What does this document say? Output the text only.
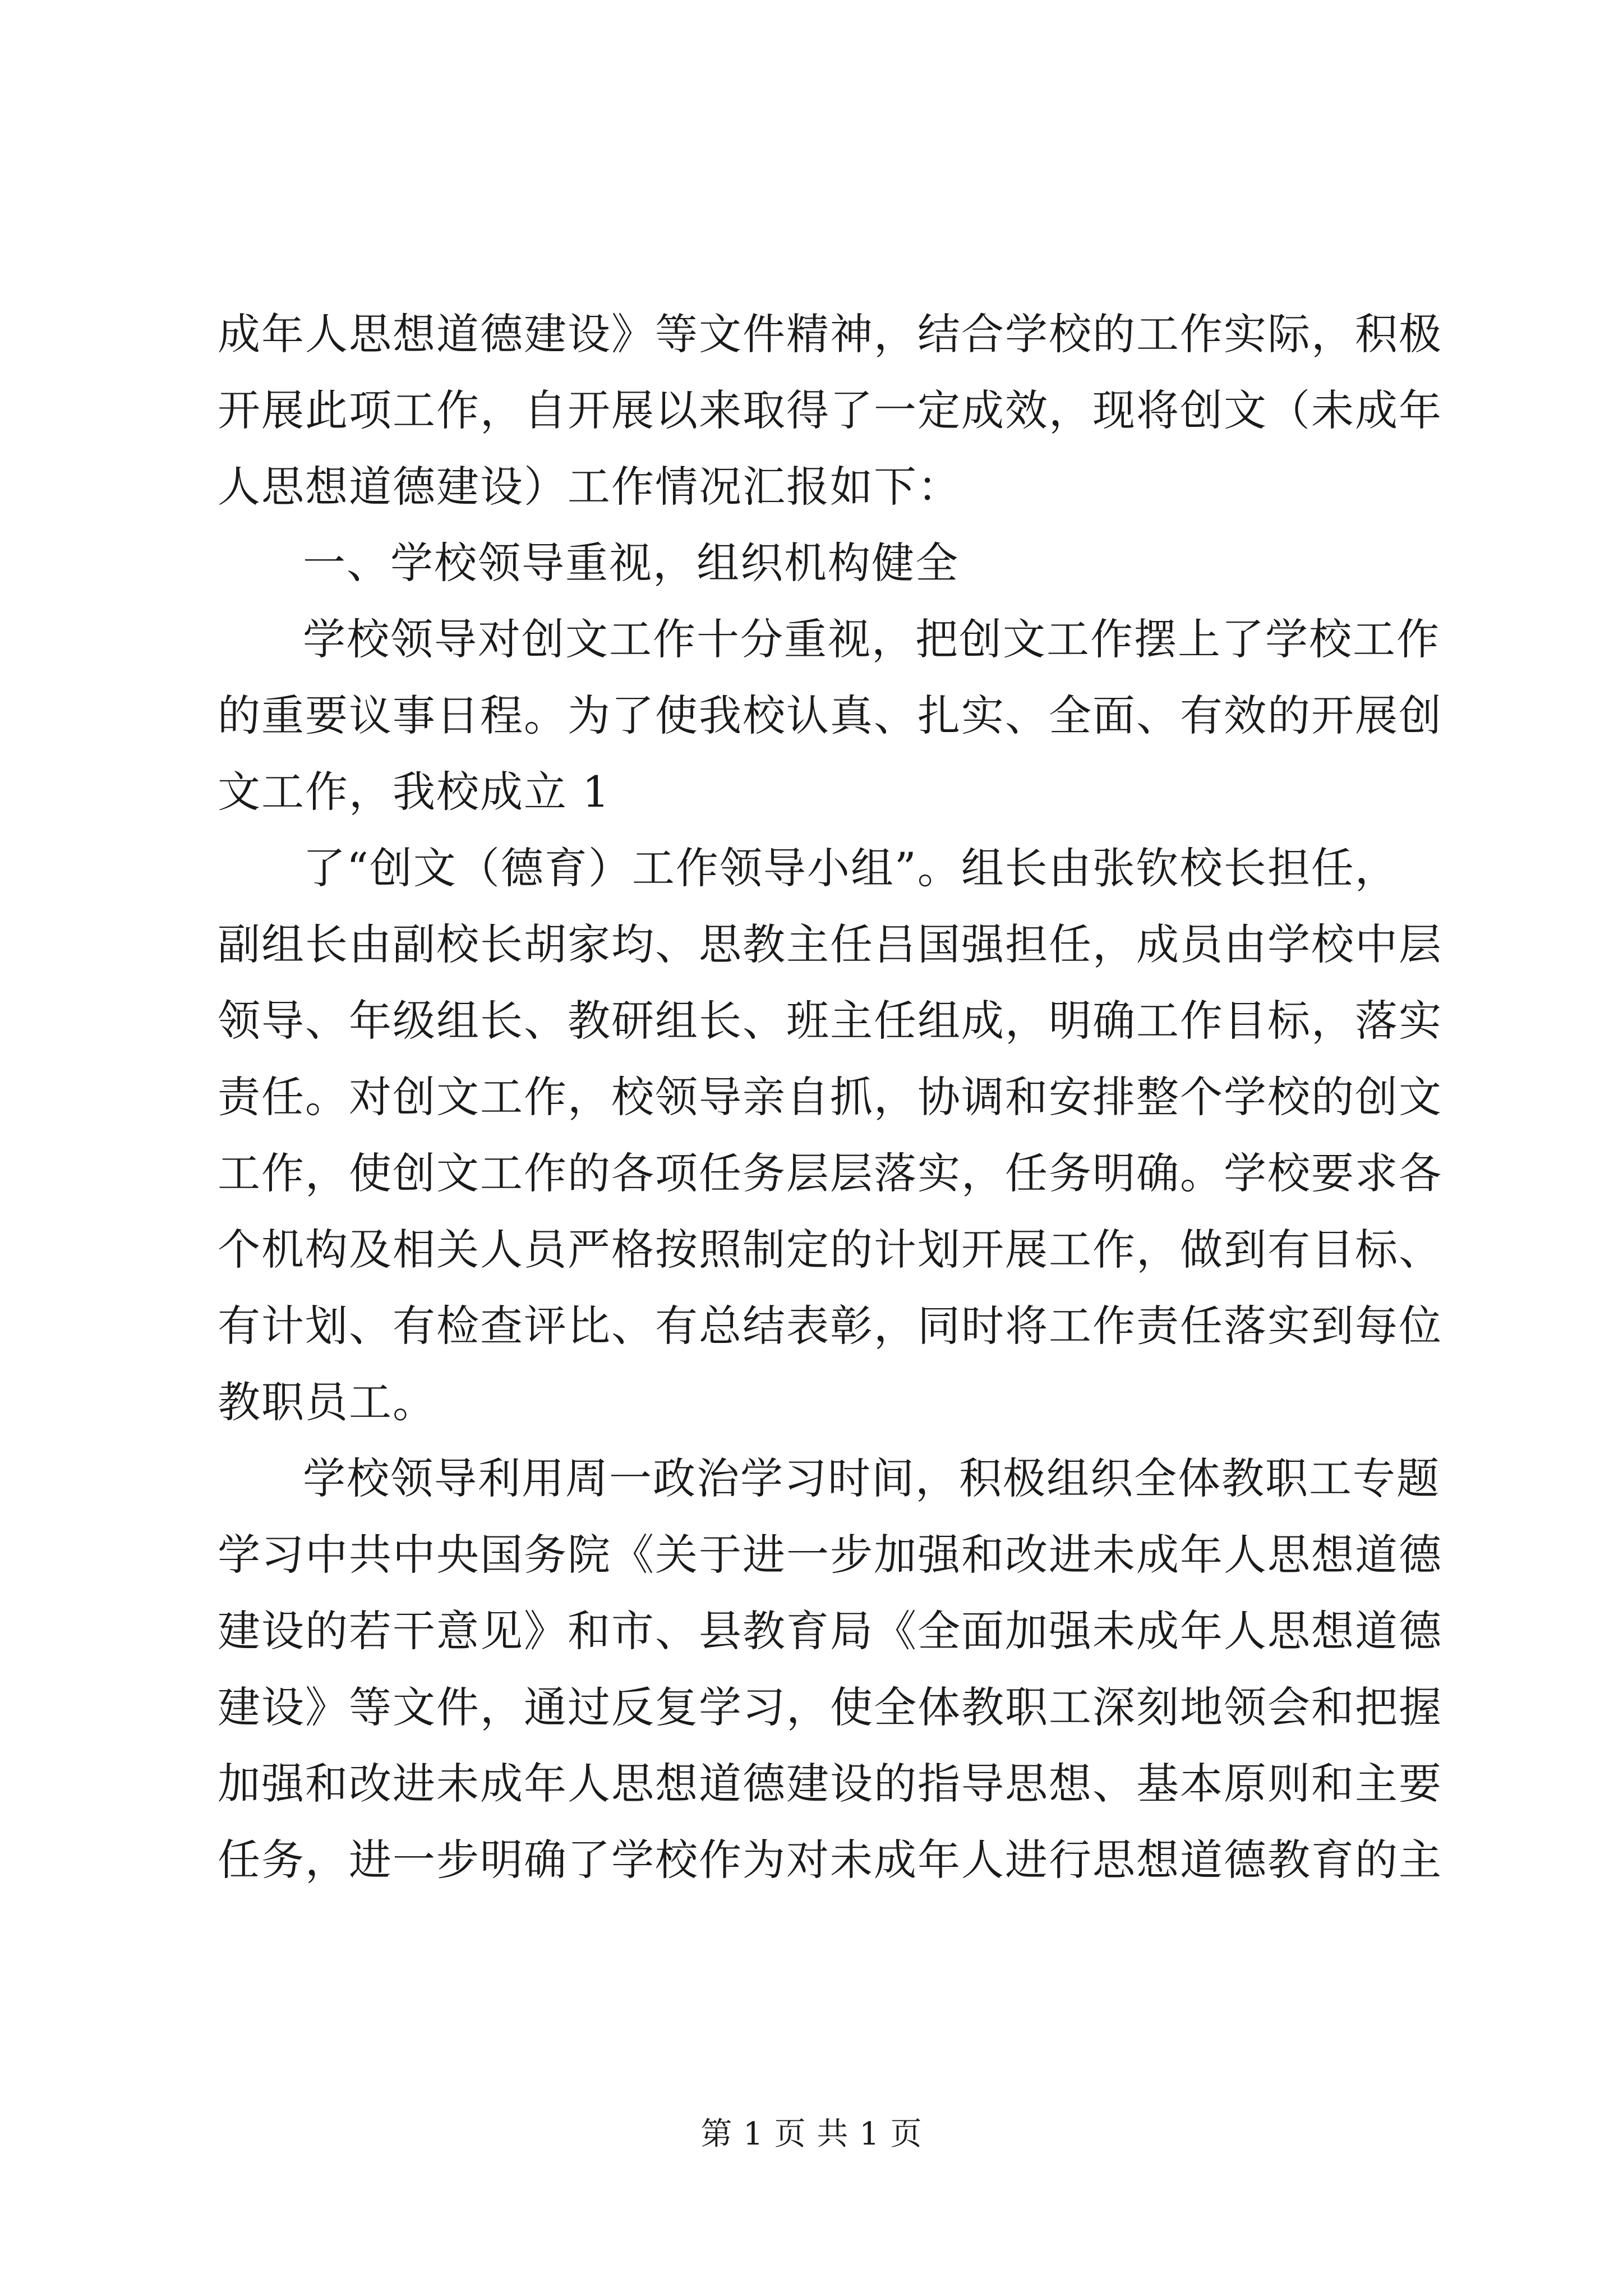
成年人思想道德建设》等文件精神，结合学校的工作实际，积极
开展此项工作，自开展以来取得了一定成效，现将创文（未成年
人思想道德建设）工作情况汇报如下：
一、学校领导重视，组织机构健全
学校领导对创文工作十分重视，把创文工作摆上了学校工作
的重要议事日程。为了使我校认真、扎实、全面、有效的开展创
文工作，我校成立 1
了“创文（德育）工作领导小组”。组长由张钦校长担任，
副组长由副校长胡家均、思教主任吕国强担任，成员由学校中层
领导、年级组长、教研组长、班主任组成，明确工作目标，落实
责任。对创文工作，校领导亲自抓，协调和安排整个学校的创文
工作，使创文工作的各项任务层层落实，任务明确。学校要求各
个机构及相关人员严格按照制定的计划开展工作，做到有目标、
有计划、有检查评比、有总结表彰，同时将工作责任落实到每位
教职员工。
学校领导利用周一政治学习时间，积极组织全体教职工专题
学习中共中央国务院《关于进一步加强和改进未成年人思想道德
建设的若干意见》和市、县教育局《全面加强未成年人思想道德
建设》等文件，通过反复学习，使全体教职工深刻地领会和把握
加强和改进未成年人思想道德建设的指导思想、基本原则和主要
任务，进一步明确了学校作为对未成年人进行思想道德教育的主
第 1 页 共 1 页
